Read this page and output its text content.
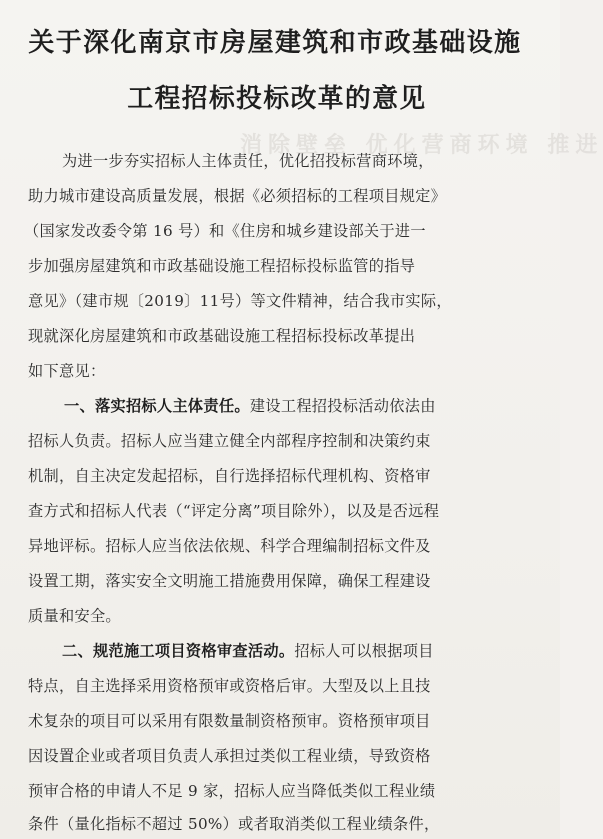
关于深化南京市房屋建筑和市政基础设施
工程招标投标改革的意见
消除壁垒 优化营商环境 推进
为进一步夯实招标人主体责任，优化招投标营商环境，
助力城市建设高质量发展，根据《必须招标的工程项目规定》
（国家发改委令第 16 号）和《住房和城乡建设部关于进一
步加强房屋建筑和市政基础设施工程招标投标监管的指导
意见》（建市规〔2019〕11号）等文件精神，结合我市实际，
现就深化房屋建筑和市政基础设施工程招标投标改革提出
如下意见：
一、落实招标人主体责任。建设工程招投标活动依法由
招标人负责。招标人应当建立健全内部程序控制和决策约束
机制，自主决定发起招标，自行选择招标代理机构、资格审
查方式和招标人代表（“评定分离”项目除外），以及是否远程
异地评标。招标人应当依法依规、科学合理编制招标文件及
设置工期，落实安全文明施工措施费用保障，确保工程建设
质量和安全。
二、规范施工项目资格审查活动。招标人可以根据项目
特点，自主选择采用资格预审或资格后审。大型及以上且技
术复杂的项目可以采用有限数量制资格预审。资格预审项目
因设置企业或者项目负责人承担过类似工程业绩，导致资格
预审合格的申请人不足 9 家，招标人应当降低类似工程业绩
条件（量化指标不超过 50%）或者取消类似工程业绩条件，
